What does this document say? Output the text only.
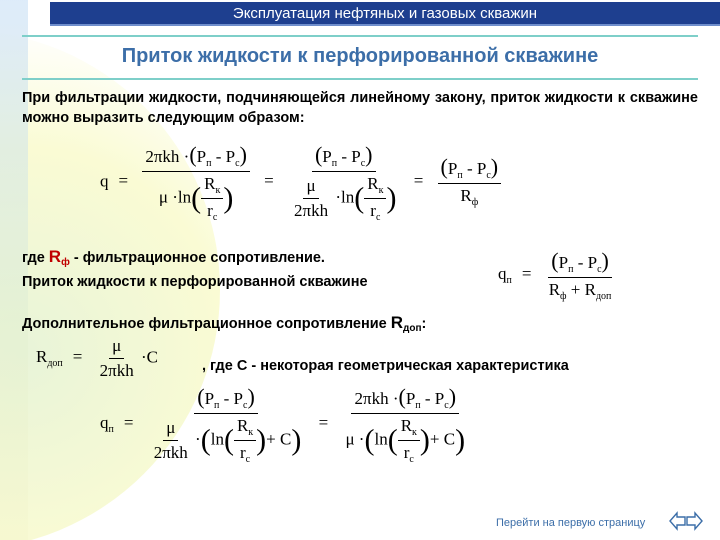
Эксплуатация нефтяных и газовых скважин
Приток жидкости к перфорированной скважине
При фильтрации жидкости, подчиняющейся линейному закону, приток жидкости к скважине можно выразить следующим образом:
$q = \frac{2\pi kh \cdot(P_п - P_с)}{\mu \cdot\ln( \frac{R_к}{r_с} )} = \frac{(P_п - P_с)}{\frac{\mu}{\text{2πkh}} \cdot\ln( \frac{R_к}{r_с} )} = \frac{(P_п - P_с)}{R_ф}$
где $R_ф$ - фильтрационное сопротивление.
Приток жидкости к перфорированной скважине	$q_п = \frac{(P_п - P_с)}{R_ф + R_{доп}}$
Дополнительное фильтрационное сопротивление $R_{доп}$:
$R_{доп} = \frac{\mu}{\text{2πkh}} \cdot C$	, где C - некоторая геометрическая характеристика
$q_п = \frac{(P_п - P_с)}{\frac{\mu}{\text{2πkh}} \cdot(\ln( \frac{R_к}{r_с} )+ C)} = \frac{2\pi kh \cdot(P_п - P_с)}{\mu \cdot(\ln( \frac{R_к}{r_с} )+ C)}$
Перейти на первую страницу
